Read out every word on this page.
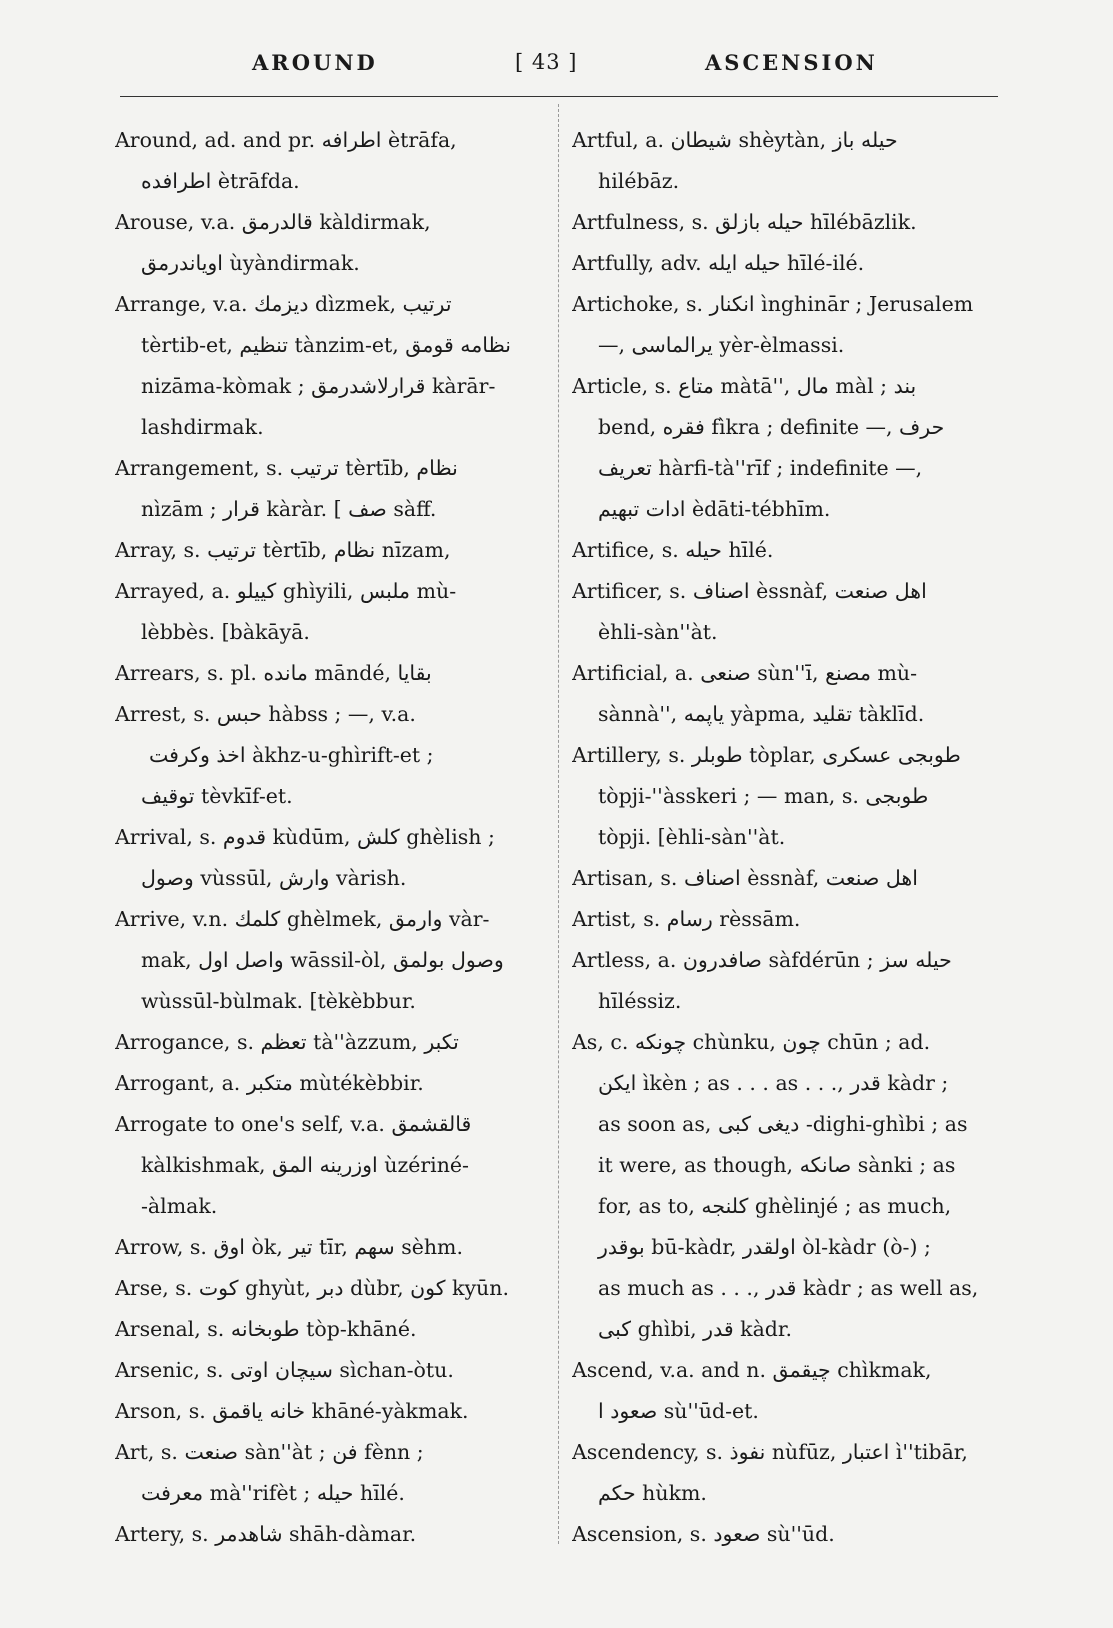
AROUND	[ 43 ]	ASCENSION
Around, ad. and pr. اطرافه ètrāfa,
اطرافده ètrāfda.
Arouse, v.a. قالدرمق kàldirmak,
اویاندرمق ùyàndirmak.
Arrange, v.a. دیزمك dìzmek, ترتیب
tèrtib-et, تنظیم tànzim-et, نظامه قومق
nizāma-kòmak ; قرارلاشدرمق kàrār-
lashdirmak.
Arrangement, s. ترتیب tèrtīb, نظام
nìzām ; قرار kàràr. [ صف sàff.
Array, s. ترتیب tèrtīb, نظام nīzam,
Arrayed, a. كییلو ghìyili, ملبس mù-
lèbbès. [bàkāyā.
Arrears, s. pl. مانده māndé, بقایا
Arrest, s. حبس hàbss ; —, v.a.
اخذ وكرفت àkhz-u-ghìrift-et ;
توقیف tèvkīf-et.
Arrival, s. قدوم kùdūm, كلش ghèlish ;
وصول vùssūl, وارش vàrish.
Arrive, v.n. كلمك ghèlmek, وارمق vàr-
mak, واصل اول wāssil-òl, وصول بولمق
wùssūl-bùlmak. [tèkèbbur.
Arrogance, s. تعظم tà''àzzum, تكبر
Arrogant, a. متكبر mùtékèbbir.
Arrogate to one's self, v.a. قالقشمق
kàlkishmak, اوزرینه المق ùzériné-
-àlmak.
Arrow, s. اوق òk, تیر tīr, سهم sèhm.
Arse, s. كوت ghyùt, دبر dùbr, كون kyūn.
Arsenal, s. طوبخانه tòp-khāné.
Arsenic, s. سیچان اوتی sìchan-òtu.
Arson, s. خانه یاقمق khāné-yàkmak.
Art, s. صنعت sàn''àt ; فن fènn ;
معرفت mà''rifèt ; حیله hīlé.
Artery, s. شاهدمر shāh-dàmar.
Artful, a. شیطان shèytàn, حیله باز
hilébāz.
Artfulness, s. حیله بازلق hīlébāzlik.
Artfully, adv. حیله ایله hīlé-ilé.
Artichoke, s. انكنار ìnghinār ; Jerusalem
—, یرالماسی yèr-èlmassi.
Article, s. متاع màtā'', مال màl ; بند
bend, فقره fìkra ; definite —, حرف
تعریف hàrfi-tà''rīf ; indefinite —,
ادات تبهیم èdāti-tébhīm.
Artifice, s. حیله hīlé.
Artificer, s. اصناف èssnàf, اهل صنعت
èhli-sàn''àt.
Artificial, a. صنعی sùn''ī, مصنع mù-
sànnà'', یاپمه yàpma, تقلید tàklīd.
Artillery, s. طوبلر tòplar, طوبجی عسكری
tòpji-''àsskeri ; — man, s. طوبجی
tòpji. [èhli-sàn''àt.
Artisan, s. اصناف èssnàf, اهل صنعت
Artist, s. رسام rèssām.
Artless, a. صافدرون sàfdérūn ; حیله سز
hīléssiz.
As, c. چونكه chùnku, چون chūn ; ad.
ایكن ìkèn ; as . . . as . . ., قدر kàdr ;
as soon as, دیغی كبی -dighi-ghìbi ; as
it were, as though, صانكه sànki ; as
for, as to, كلنجه ghèlinjé ; as much,
بوقدر bū-kàdr, اولقدر òl-kàdr (ò-) ;
as much as . . ., قدر kàdr ; as well as,
كبی ghìbi, قدر kàdr.
Ascend, v.a. and n. چیقمق chìkmak,
صعود ا sù''ūd-et.
Ascendency, s. نفوذ nùfūz, اعتبار ì''tibār,
حكم hùkm.
Ascension, s. صعود sù''ūd.
